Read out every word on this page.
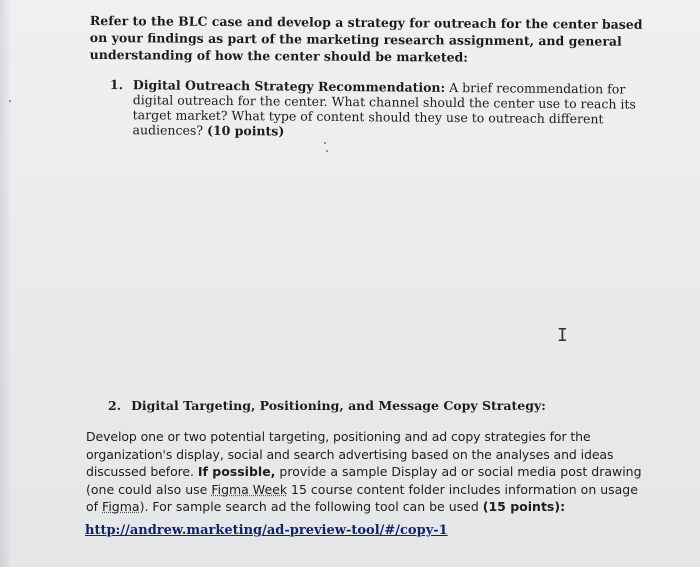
Refer to the BLC case and develop a strategy for outreach for the center based on your findings as part of the marketing research assignment, and general understanding of how the center should be marketed:
1. Digital Outreach Strategy Recommendation: A brief recommendation for digital outreach for the center. What channel should the center use to reach its target market? What type of content should they use to outreach different audiences? (10 points)
I
2. Digital Targeting, Positioning, and Message Copy Strategy:
Develop one or two potential targeting, positioning and ad copy strategies for the organization's display, social and search advertising based on the analyses and ideas discussed before. If possible, provide a sample Display ad or social media post drawing (one could also use Figma Week 15 course content folder includes information on usage of Figma). For sample search ad the following tool can be used (15 points):
http://andrew.marketing/ad-preview-tool/#/copy-1
